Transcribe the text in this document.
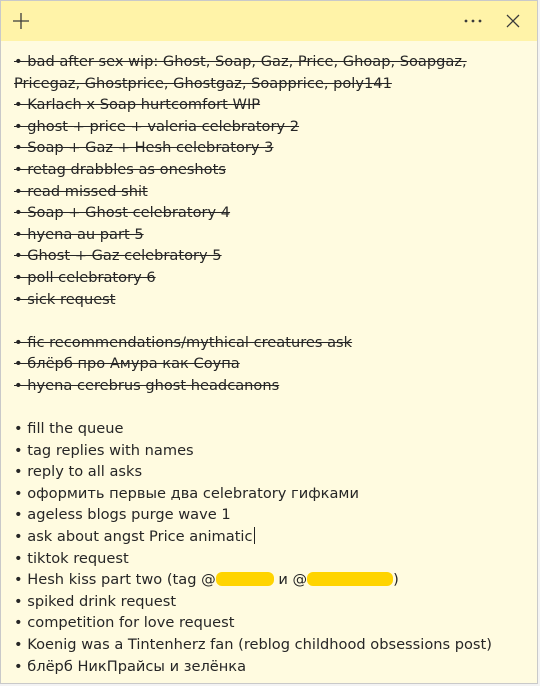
• bad after sex wip: Ghost, Soap, Gaz, Price, Ghoap, Soapgaz, Pricegaz, Ghostprice, Ghostgaz, Soapprice, poly141
• Karlach x Soap hurtcomfort WIP
• ghost + price + valeria celebratory 2
• Soap + Gaz + Hesh celebratory 3
• retag drabbles as oneshots
• read missed shit
• Soap + Ghost celebratory 4
• hyena au part 5
• Ghost + Gaz celebratory 5
• poll celebratory 6
• sick request
• fic recommendations/mythical creatures ask
• блёрб про Амура как Соупа
• hyena cerebrus ghost headcanons
• fill the queue
• tag replies with names
• reply to all asks
• оформить первые два celebratory гифками
• ageless blogs purge wave 1
• ask about angst Price animatic
• tiktok request
• Hesh kiss part two (tag @	и @	)
• spiked drink request
• competition for love request
• Koenig was a Tintenherz fan (reblog childhood obsessions post)
• блёрб НикПрайсы и зелёнка
